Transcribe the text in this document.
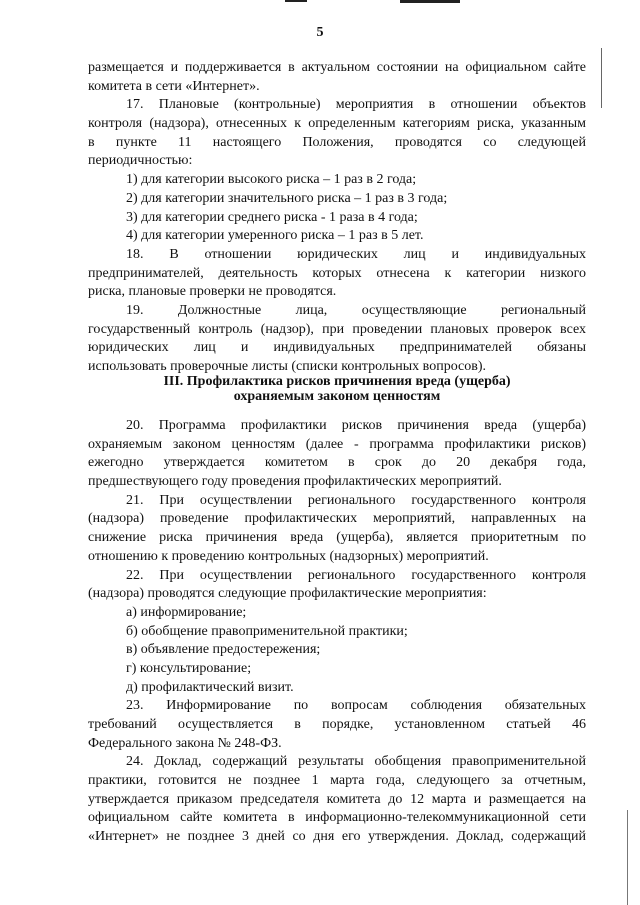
5
размещается и поддерживается в актуальном состоянии на официальном сайте
комитета в сети «Интернет».
17. Плановые (контрольные) мероприятия в отношении объектов
контроля (надзора), отнесенных к определенным категориям риска, указанным
в пункте 11 настоящего Положения, проводятся со следующей
периодичностью:
1) для категории высокого риска – 1 раз в 2 года;
2) для категории значительного риска – 1 раз в 3 года;
3) для категории среднего риска - 1 раза в 4 года;
4) для категории умеренного риска – 1 раз в 5 лет.
18. В отношении юридических лиц и индивидуальных
предпринимателей, деятельность которых отнесена к категории низкого
риска, плановые проверки не проводятся.
19. Должностные лица, осуществляющие региональный
государственный контроль (надзор), при проведении плановых проверок всех
юридических лиц и индивидуальных предпринимателей обязаны
использовать проверочные листы (списки контрольных вопросов).
III. Профилактика рисков причинения вреда (ущерба)
охраняемым законом ценностям
20. Программа профилактики рисков причинения вреда (ущерба)
охраняемым законом ценностям (далее - программа профилактики рисков)
ежегодно утверждается комитетом в срок до 20 декабря года,
предшествующего году проведения профилактических мероприятий.
21. При осуществлении регионального государственного контроля
(надзора) проведение профилактических мероприятий, направленных на
снижение риска причинения вреда (ущерба), является приоритетным по
отношению к проведению контрольных (надзорных) мероприятий.
22. При осуществлении регионального государственного контроля
(надзора) проводятся следующие профилактические мероприятия:
а) информирование;
б) обобщение правоприменительной практики;
в) объявление предостережения;
г) консультирование;
д) профилактический визит.
23. Информирование по вопросам соблюдения обязательных
требований осуществляется в порядке, установленном статьей 46
Федерального закона № 248-ФЗ.
24. Доклад, содержащий результаты обобщения правоприменительной
практики, готовится не позднее 1 марта года, следующего за отчетным,
утверждается приказом председателя комитета до 12 марта и размещается на
официальном сайте комитета в информационно-телекоммуникационной сети
«Интернет» не позднее 3 дней со дня его утверждения. Доклад, содержащий
